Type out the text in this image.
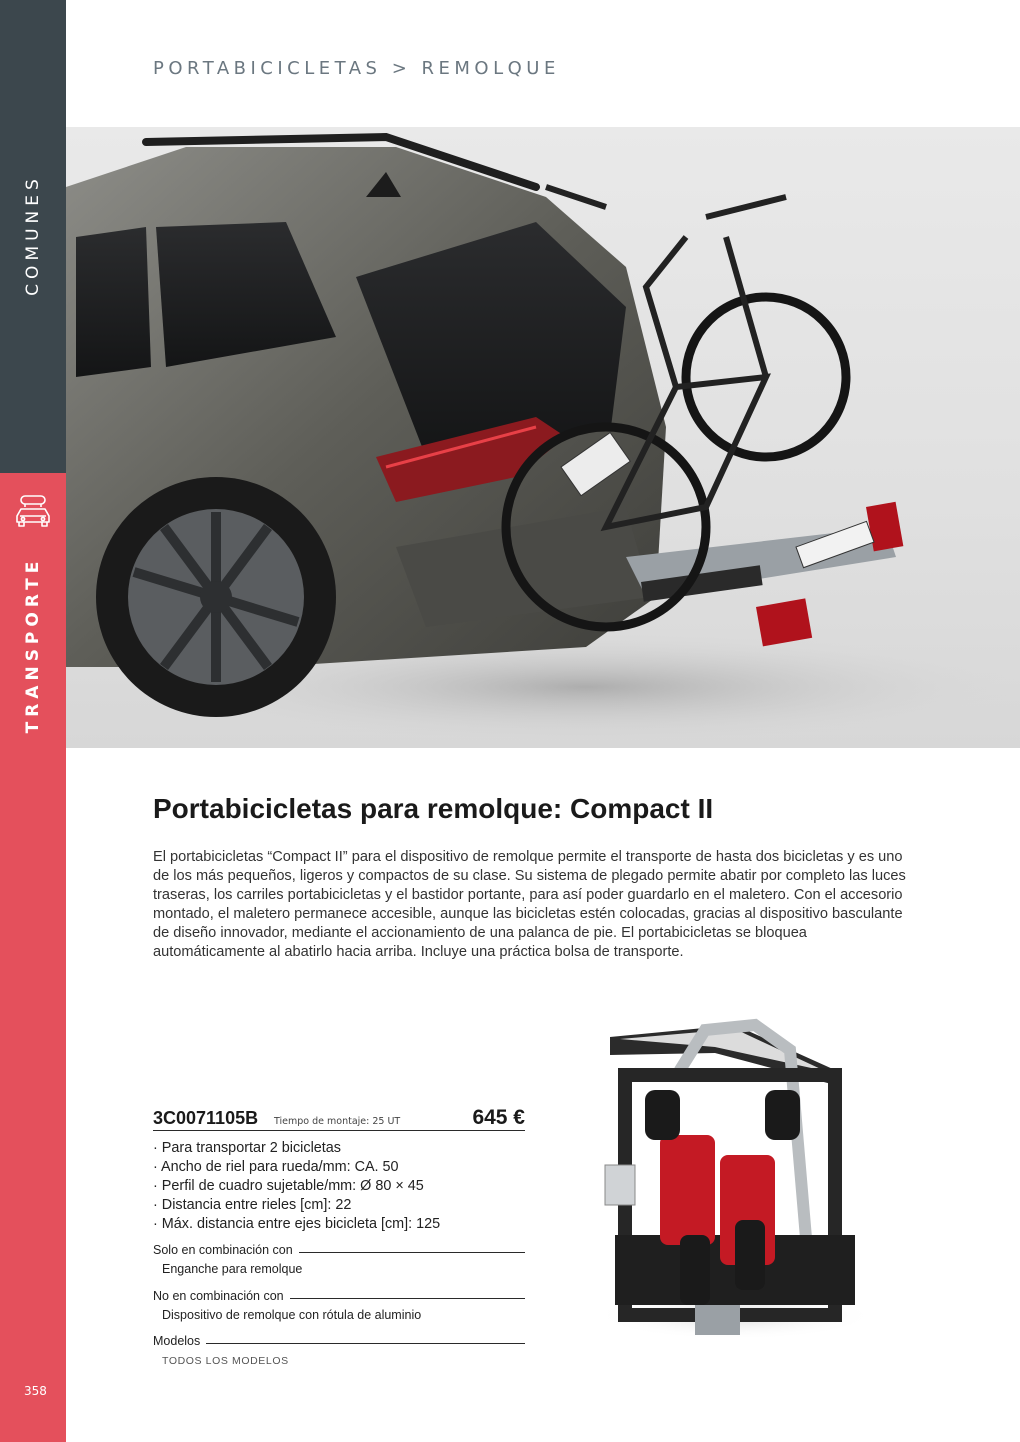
COMUNES
TRANSPORTE
358
PORTABICICLETAS > REMOLQUE
Portabicicletas para remolque: Compact II
El portabicicletas “Compact II” para el dispositivo de remolque permite el transporte de hasta dos bicicletas y es uno de los más pequeños, ligeros y compactos de su clase. Su sistema de plegado permite abatir por completo las luces traseras, los carriles portabicicletas y el bastidor portante, para así poder guardarlo en el maletero. Con el accesorio montado, el maletero permanece accesible, aunque las bicicletas estén colocadas, gracias al dispositivo basculante de diseño innovador, mediante el accionamiento de una palanca de pie. El portabicicletas se bloquea automáticamente al abatirlo hacia arriba. Incluye una práctica bolsa de transporte.
3C0071105B Tiempo de montaje: 25 UT	645 €
· Para transportar 2 bicicletas
· Ancho de riel para rueda/mm: CA. 50
· Perfil de cuadro sujetable/mm: Ø 80 × 45
· Distancia entre rieles [cm]: 22
· Máx. distancia entre ejes bicicleta [cm]: 125
Solo en combinación con
Enganche para remolque
No en combinación con
Dispositivo de remolque con rótula de aluminio
Modelos
TODOS LOS MODELOS
